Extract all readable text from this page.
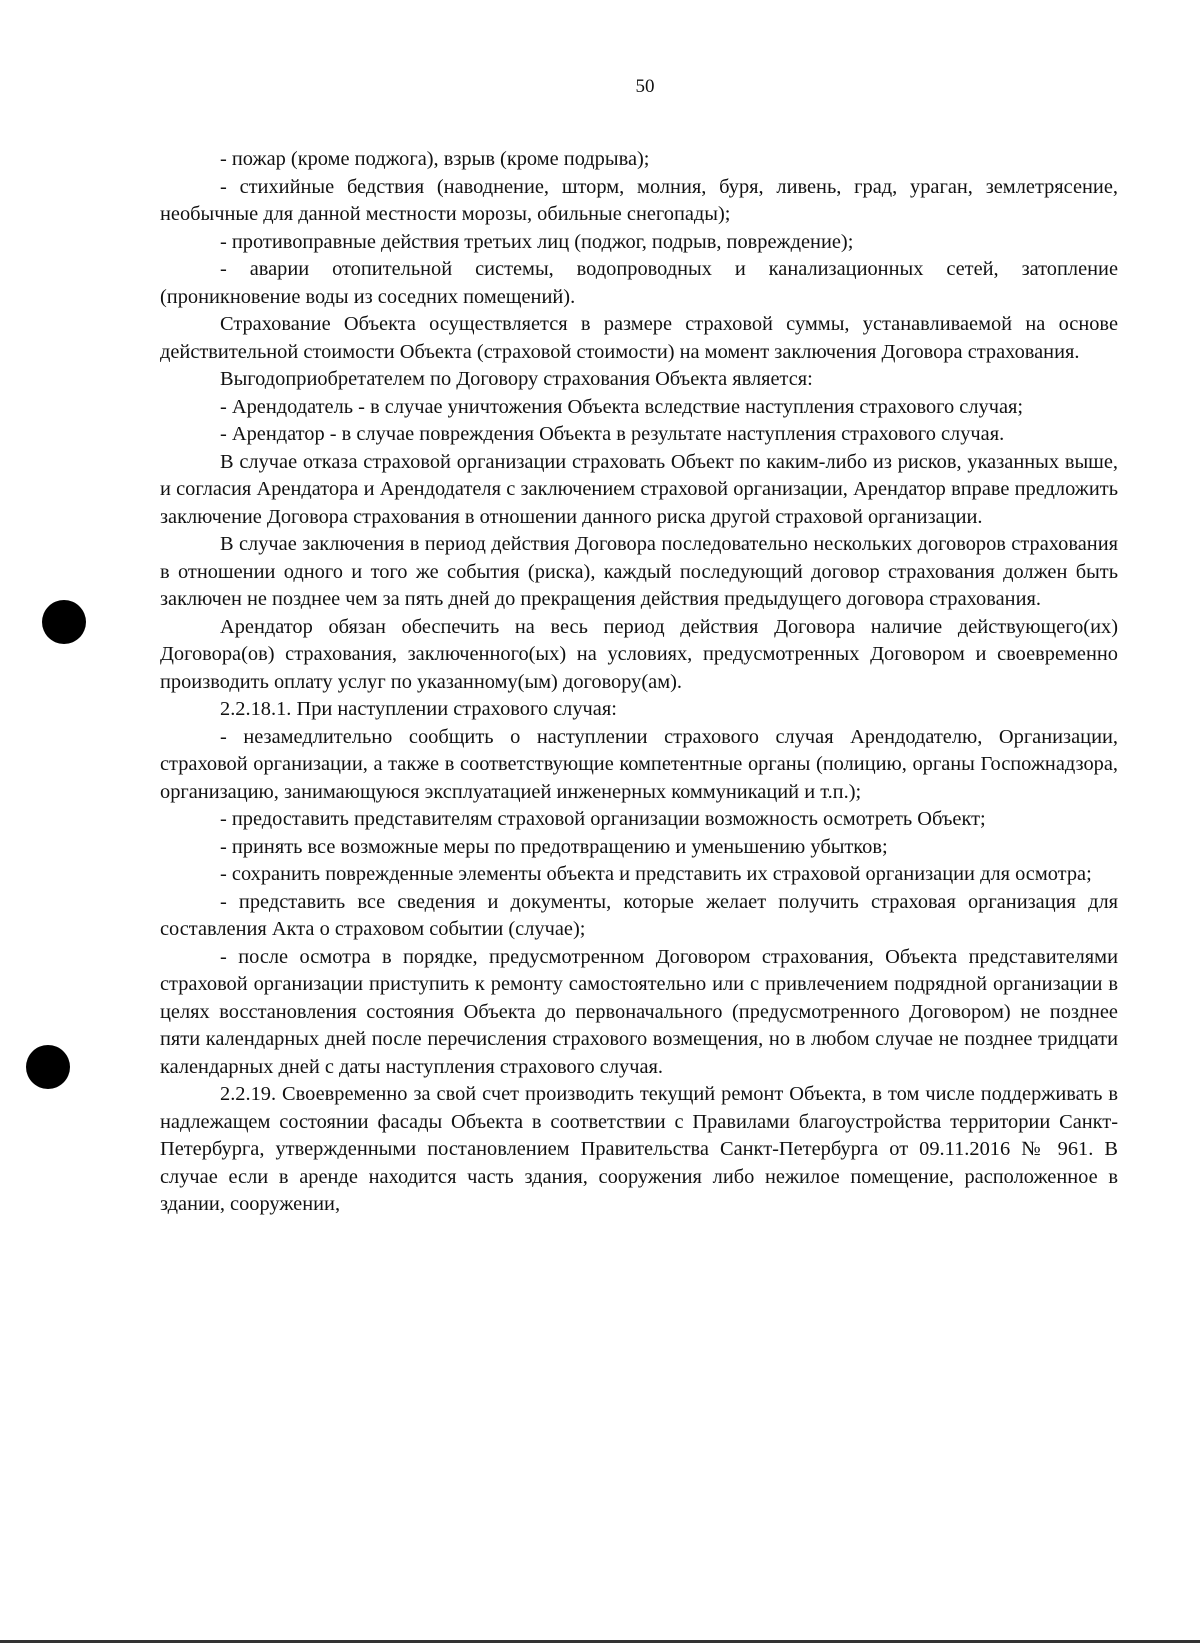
50

- пожар (кроме поджога), взрыв (кроме подрыва);

- стихийные бедствия (наводнение, шторм, молния, буря, ливень, град, ураган, землетрясение, необычные для данной местности морозы, обильные снегопады);

- противоправные действия третьих лиц (поджог, подрыв, повреждение);

- аварии отопительной системы, водопроводных и канализационных сетей, затопление (проникновение воды из соседних помещений).

Страхование Объекта осуществляется в размере страховой суммы, устанавливаемой на основе действительной стоимости Объекта (страховой стоимости) на момент заключения Договора страхования.

Выгодоприобретателем по Договору страхования Объекта является:

- Арендодатель - в случае уничтожения Объекта вследствие наступления страхового случая;

- Арендатор - в случае повреждения Объекта в результате наступления страхового случая.

В случае отказа страховой организации страховать Объект по каким-либо из рисков, указанных выше, и согласия Арендатора и Арендодателя с заключением страховой организации, Арендатор вправе предложить заключение Договора страхования в отношении данного риска другой страховой организации.

В случае заключения в период действия Договора последовательно нескольких договоров страхования в отношении одного и того же события (риска), каждый последующий договор страхования должен быть заключен не позднее чем за пять дней до прекращения действия предыдущего договора страхования.

Арендатор обязан обеспечить на весь период действия Договора наличие действующего(их) Договора(ов) страхования, заключенного(ых) на условиях, предусмотренных Договором и своевременно производить оплату услуг по указанному(ым) договору(ам).

2.2.18.1. При наступлении страхового случая:

- незамедлительно сообщить о наступлении страхового случая Арендодателю, Организации, страховой организации, а также в соответствующие компетентные органы (полицию, органы Госпожнадзора, организацию, занимающуюся эксплуатацией инженерных коммуникаций и т.п.);

- предоставить представителям страховой организации возможность осмотреть Объект;

- принять все возможные меры по предотвращению и уменьшению убытков;

- сохранить поврежденные элементы объекта и представить их страховой организации для осмотра;

- представить все сведения и документы, которые желает получить страховая организация для составления Акта о страховом событии (случае);

- после осмотра в порядке, предусмотренном Договором страхования, Объекта представителями страховой организации приступить к ремонту самостоятельно или с привлечением подрядной организации в целях восстановления состояния Объекта до первоначального (предусмотренного Договором) не позднее пяти календарных дней после перечисления страхового возмещения, но в любом случае не позднее тридцати календарных дней с даты наступления страхового случая.

2.2.19. Своевременно за свой счет производить текущий ремонт Объекта, в том числе поддерживать в надлежащем состоянии фасады Объекта в соответствии с Правилами благоустройства территории Санкт-Петербурга, утвержденными постановлением Правительства Санкт-Петербурга от 09.11.2016 № 961. В случае если в аренде находится часть здания, сооружения либо нежилое помещение, расположенное в здании, сооружении,
